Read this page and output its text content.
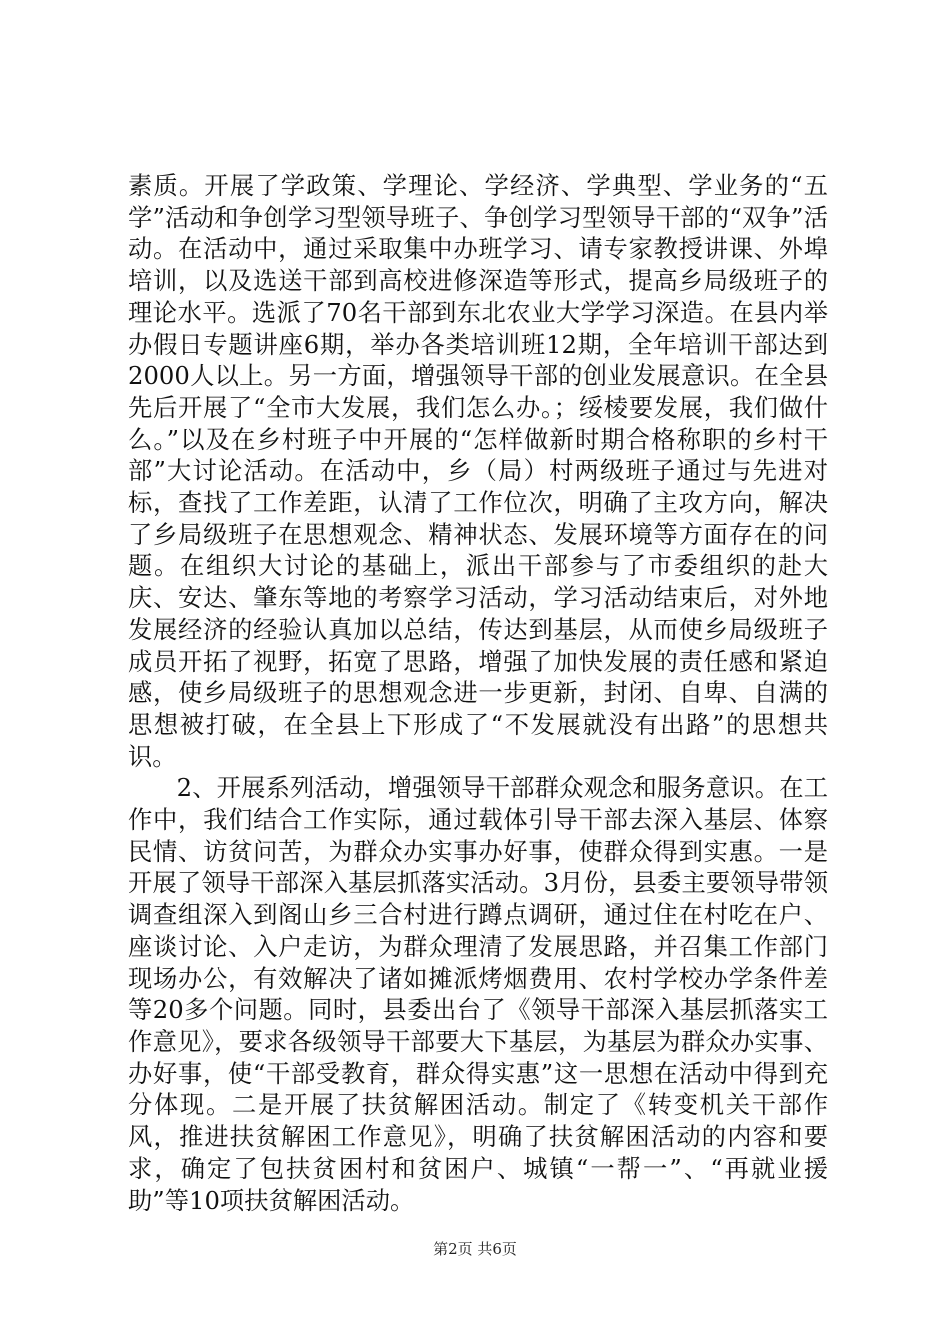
素质。开展了学政策、学理论、学经济、学典型、学业务的“五学”活动和争创学习型领导班子、争创学习型领导干部的“双争”活动。在活动中，通过采取集中办班学习、请专家教授讲课、外埠培训，以及选送干部到高校进修深造等形式，提高乡局级班子的理论水平。选派了70名干部到东北农业大学学习深造。在县内举办假日专题讲座6期，举办各类培训班12期，全年培训干部达到2000人以上。另一方面，增强领导干部的创业发展意识。在全县先后开展了“全市大发展，我们怎么办。；绥棱要发展，我们做什么。”以及在乡村班子中开展的“怎样做新时期合格称职的乡村干部”大讨论活动。在活动中，乡（局）村两级班子通过与先进对标，查找了工作差距，认清了工作位次，明确了主攻方向，解决了乡局级班子在思想观念、精神状态、发展环境等方面存在的问题。在组织大讨论的基础上，派出干部参与了市委组织的赴大庆、安达、肇东等地的考察学习活动，学习活动结束后，对外地发展经济的经验认真加以总结，传达到基层，从而使乡局级班子成员开拓了视野，拓宽了思路，增强了加快发展的责任感和紧迫感，使乡局级班子的思想观念进一步更新，封闭、自卑、自满的思想被打破，在全县上下形成了“不发展就没有出路”的思想共识。

2、开展系列活动，增强领导干部群众观念和服务意识。在工作中，我们结合工作实际，通过载体引导干部去深入基层、体察民情、访贫问苦，为群众办实事办好事，使群众得到实惠。一是开展了领导干部深入基层抓落实活动。3月份，县委主要领导带领调查组深入到阁山乡三合村进行蹲点调研，通过住在村吃在户、座谈讨论、入户走访，为群众理清了发展思路，并召集工作部门现场办公，有效解决了诸如摊派烤烟费用、农村学校办学条件差等20多个问题。同时，县委出台了《领导干部深入基层抓落实工作意见》，要求各级领导干部要大下基层，为基层为群众办实事、办好事，使“干部受教育，群众得实惠”这一思想在活动中得到充分体现。二是开展了扶贫解困活动。制定了《转变机关干部作风，推进扶贫解困工作意见》，明确了扶贫解困活动的内容和要求，确定了包扶贫困村和贫困户、城镇“一帮一”、“再就业援助”等10项扶贫解困活动。

第2页 共6页
